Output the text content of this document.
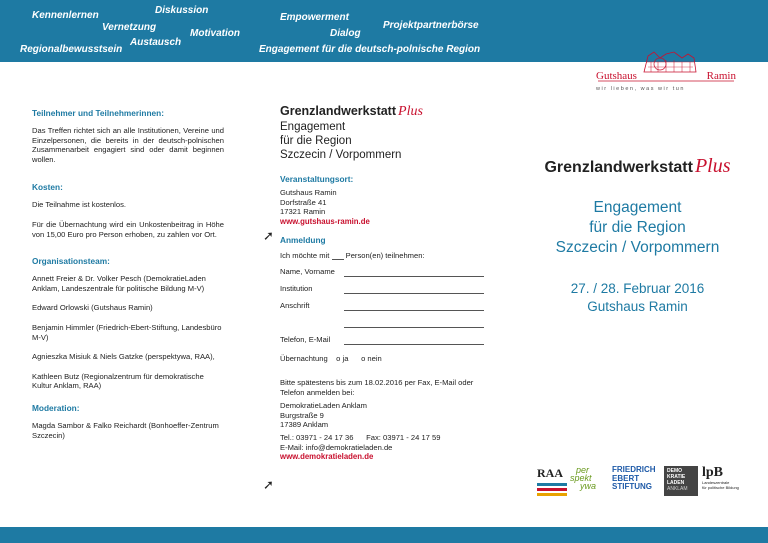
Kennenlernen	Diskussion
Vernetzung
Motivation
Austausch
Regionalbewusstsein
Empowerment
Projektpartnerbörse
Dialog
Engagement für die deutsch-polnische Region
Gutshaus	Ramin
w i r   l i e b e n ,   w a s   w i r   t u n
Teilnehmer und Teilnehmerinnen:
Das Treffen richtet sich an alle Institutionen, Vereine und Einzelpersonen, die bereits in der deutsch-polnischen Zusammenarbeit engagiert sind oder damit beginnen wollen.
Kosten:
Die Teilnahme ist kostenlos.
Für die Übernachtung wird ein Unkostenbeitrag in Höhe von 15,00 Euro pro Person erhoben, zu zahlen vor Ort.
Organisationsteam:
Annett Freier & Dr. Volker Pesch (DemokratieLaden Anklam, Landeszentrale für politische Bildung M-V)
Edward Orlowski (Gutshaus Ramin)
Benjamin Himmler (Friedrich-Ebert-Stiftung, Landesbüro M-V)
Agnieszka Misiuk & Niels Gatzke (perspektywa, RAA),
Kathleen Butz (Regionalzentrum für demokratische Kultur Anklam, RAA)
Moderation:
Magda Sambor & Falko Reichardt (Bonhoeffer-Zentrum Szczecin)
Grenzlandwerkstatt Plus
Engagement
für die Region
Szczecin / Vorpommern
Veranstaltungsort:
Gutshaus Ramin
Dorfstraße 41
17321 Ramin
www.gutshaus-ramin.de
Anmeldung
Ich möchte mit Person(en) teilnehmen:
Name, Vorname
Institution
Anschrift
Telefon, E-Mail
Übernachtung o ja o nein
Bitte spätestens bis zum 18.02.2016 per Fax, E-Mail oder Telefon anmelden bei:
DemokratieLaden Anklam
Burgstraße 9
17389 Anklam
Tel.: 03971 - 24 17 36 Fax: 03971 - 24 17 59
E-Mail: info@demokratieladen.de
www.demokratieladen.de
➚
➚
Grenzlandwerkstatt Plus
Engagement
für die Region
Szczecin / Vorpommern
27. / 28. Februar 2016
Gutshaus Ramin
RAA	per
spekt
ywa
FRIEDRICH
EBERT
STIFTUNG
DEMO
KRATIE
LADEN
ANKLAM
lpB
Landeszentrale
für politische Bildung
